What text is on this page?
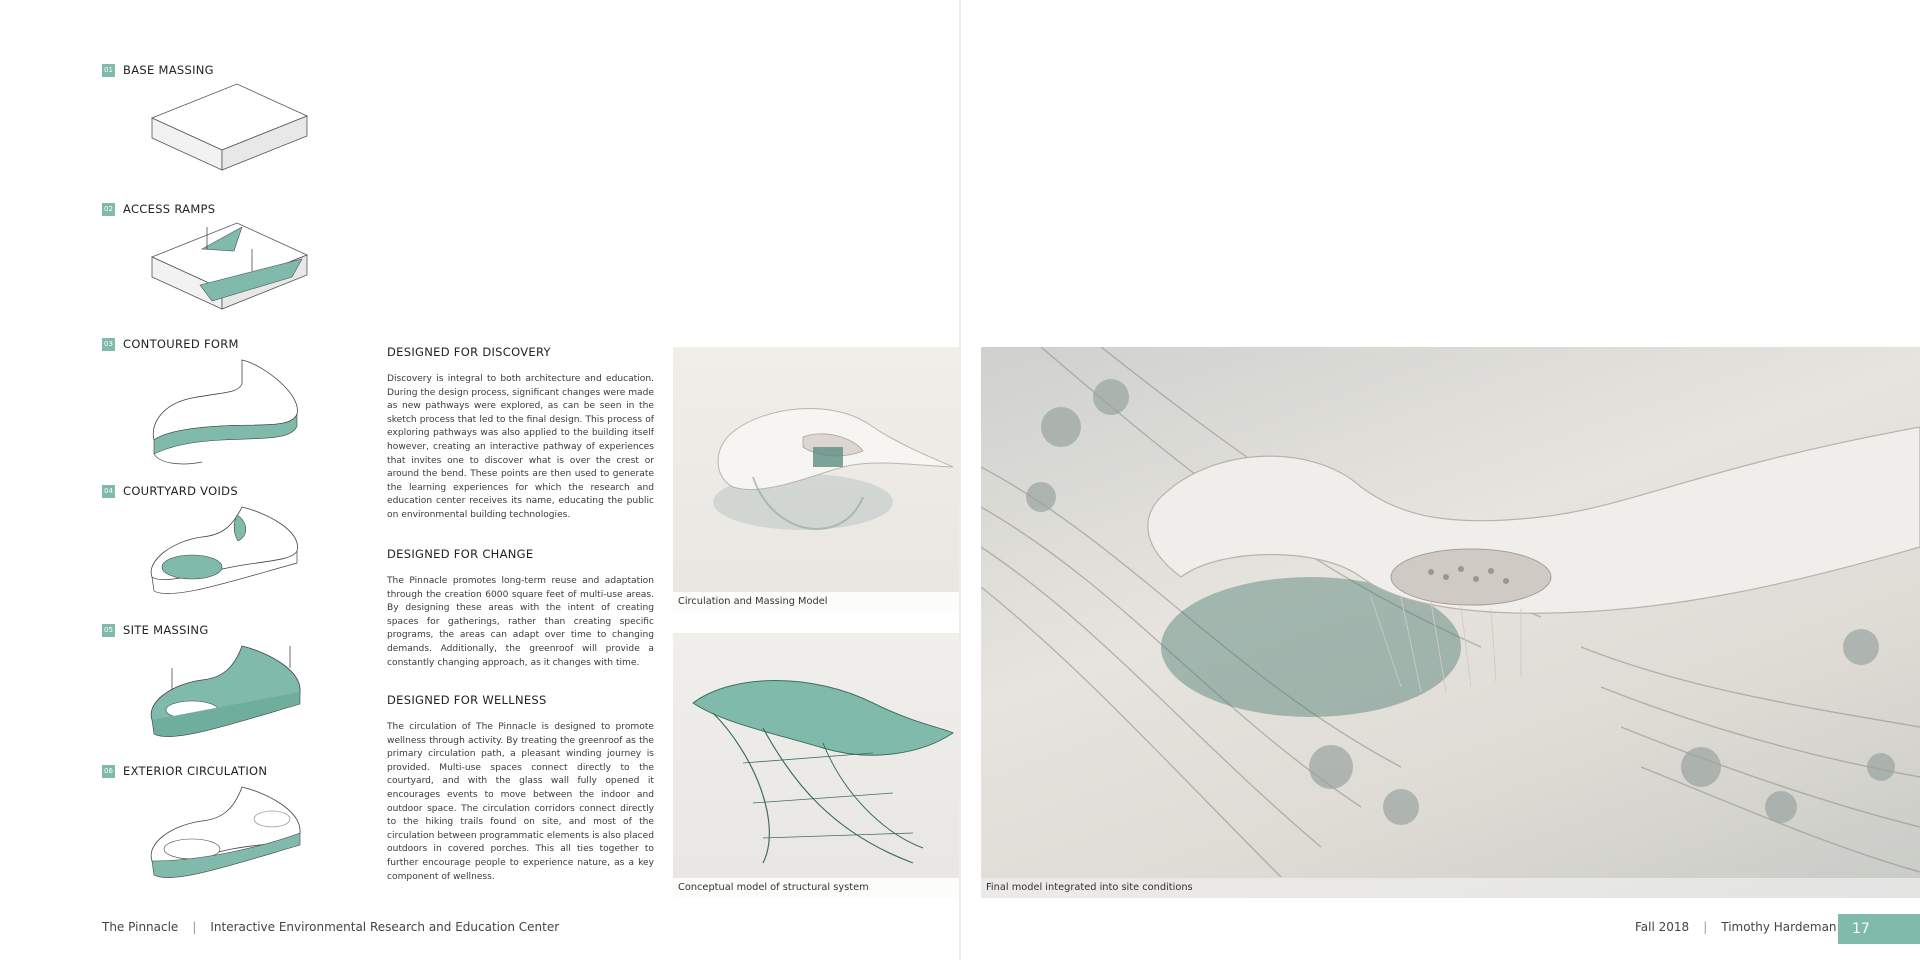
01 BASE MASSING
02 ACCESS RAMPS
03 CONTOURED FORM
04 COURTYARD VOIDS
05 SITE MASSING
06 EXTERIOR CIRCULATION

DESIGNED FOR DISCOVERY

Discovery is integral to both architecture and education. During the design process, significant changes were made as new pathways were explored, as can be seen in the sketch process that led to the final design. This process of exploring pathways was also applied to the building itself however, creating an interactive pathway of experiences that invites one to discover what is over the crest or around the bend. These points are then used to generate the learning experiences for which the research and education center receives its name, educating the public on environmental building technologies.

DESIGNED FOR CHANGE

The Pinnacle promotes long-term reuse and adaptation through the creation 6000 square feet of multi-use areas. By designing these areas with the intent of creating spaces for gatherings, rather than creating specific programs, the areas can adapt over time to changing demands. Additionally, the greenroof will provide a constantly changing approach, as it changes with time.

DESIGNED FOR WELLNESS

The circulation of The Pinnacle is designed to promote wellness through activity. By treating the greenroof as the primary circulation path, a pleasant winding journey is provided. Multi-use spaces connect directly to the courtyard, and with the glass wall fully opened it encourages events to move between the indoor and outdoor space. The circulation corridors connect directly to the hiking trails found on site, and most of the circulation between programmatic elements is also placed outdoors in covered porches. This all ties together to further encourage people to experience nature, as a key component of wellness.

Circulation and Massing Model
Conceptual model of structural system
The Pinnacle | Interactive Environmental Research and Education Center
Final model integrated into site conditions
Fall 2018 | Timothy Hardeman	17
